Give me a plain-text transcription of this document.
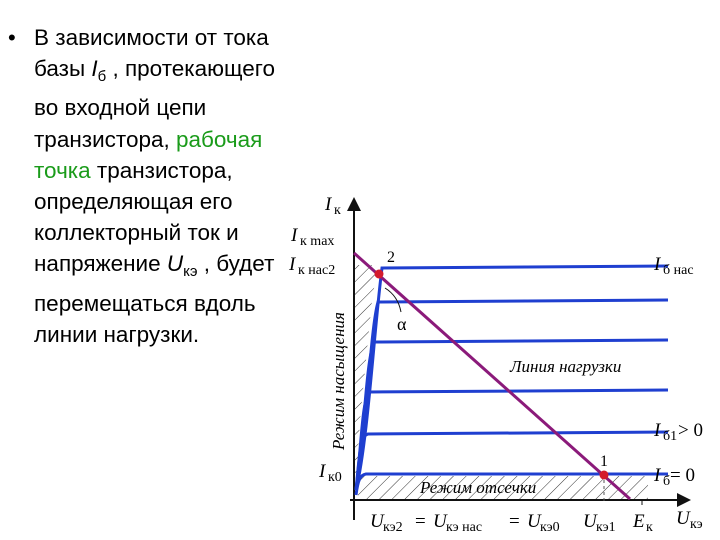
• В зависимости от тока базы $I_б$ , протекающего во входной цепи транзистора, рабочая точка транзистора, определяющая его коллекторный ток и напряжение $U_{кэ}$ , будет перемещаться вдоль линии нагрузки.
I к
I к max
I к нас2
I к0
2
1
α
I б нас
I б1 > 0
I б = 0
Режим насыщения	Линия нагрузки
Режим отсечки
U кэ2 = U кэ нас = U кэ0 U кэ1 E к U кэ
